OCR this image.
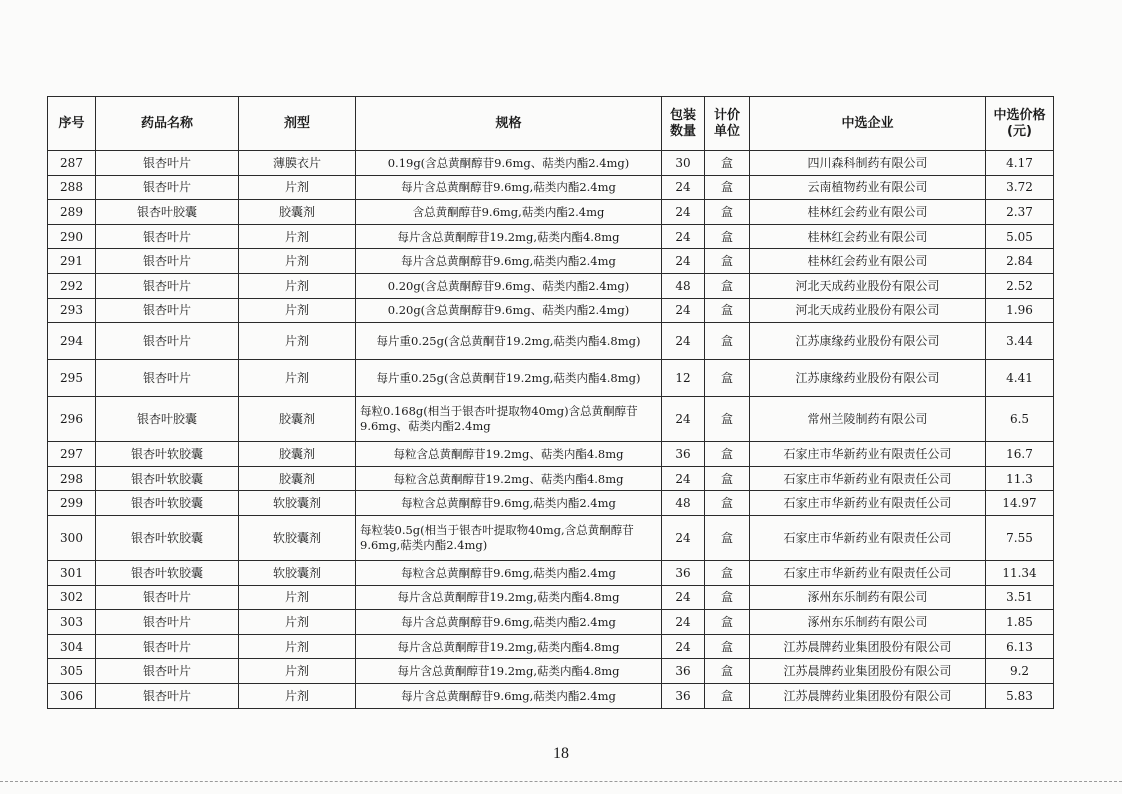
序号	药品名称	剂型	规格	包装数量	计价单位	中选企业	中选价格(元)
287	银杏叶片	薄膜衣片	0.19g(含总黄酮醇苷9.6mg、萜类内酯2.4mg)	30	盒	四川森科制药有限公司	4.17
288	银杏叶片	片剂	每片含总黄酮醇苷9.6mg,萜类内酯2.4mg	24	盒	云南植物药业有限公司	3.72
289	银杏叶胶囊	胶囊剂	含总黄酮醇苷9.6mg,萜类内酯2.4mg	24	盒	桂林红会药业有限公司	2.37
290	银杏叶片	片剂	每片含总黄酮醇苷19.2mg,萜类内酯4.8mg	24	盒	桂林红会药业有限公司	5.05
291	银杏叶片	片剂	每片含总黄酮醇苷9.6mg,萜类内酯2.4mg	24	盒	桂林红会药业有限公司	2.84
292	银杏叶片	片剂	0.20g(含总黄酮醇苷9.6mg、萜类内酯2.4mg)	48	盒	河北天成药业股份有限公司	2.52
293	银杏叶片	片剂	0.20g(含总黄酮醇苷9.6mg、萜类内酯2.4mg)	24	盒	河北天成药业股份有限公司	1.96
294	银杏叶片	片剂	每片重0.25g(含总黄酮苷19.2mg,萜类内酯4.8mg)	24	盒	江苏康缘药业股份有限公司	3.44
295	银杏叶片	片剂	每片重0.25g(含总黄酮苷19.2mg,萜类内酯4.8mg)	12	盒	江苏康缘药业股份有限公司	4.41
296	银杏叶胶囊	胶囊剂	每粒0.168g(相当于银杏叶提取物40mg)含总黄酮醇苷9.6mg、萜类内酯2.4mg	24	盒	常州兰陵制药有限公司	6.5
297	银杏叶软胶囊	胶囊剂	每粒含总黄酮醇苷19.2mg、萜类内酯4.8mg	36	盒	石家庄市华新药业有限责任公司	16.7
298	银杏叶软胶囊	胶囊剂	每粒含总黄酮醇苷19.2mg、萜类内酯4.8mg	24	盒	石家庄市华新药业有限责任公司	11.3
299	银杏叶软胶囊	软胶囊剂	每粒含总黄酮醇苷9.6mg,萜类内酯2.4mg	48	盒	石家庄市华新药业有限责任公司	14.97
300	银杏叶软胶囊	软胶囊剂	每粒装0.5g(相当于银杏叶提取物40mg,含总黄酮醇苷9.6mg,萜类内酯2.4mg)	24	盒	石家庄市华新药业有限责任公司	7.55
301	银杏叶软胶囊	软胶囊剂	每粒含总黄酮醇苷9.6mg,萜类内酯2.4mg	36	盒	石家庄市华新药业有限责任公司	11.34
302	银杏叶片	片剂	每片含总黄酮醇苷19.2mg,萜类内酯4.8mg	24	盒	涿州东乐制药有限公司	3.51
303	银杏叶片	片剂	每片含总黄酮醇苷9.6mg,萜类内酯2.4mg	24	盒	涿州东乐制药有限公司	1.85
304	银杏叶片	片剂	每片含总黄酮醇苷19.2mg,萜类内酯4.8mg	24	盒	江苏晨牌药业集团股份有限公司	6.13
305	银杏叶片	片剂	每片含总黄酮醇苷19.2mg,萜类内酯4.8mg	36	盒	江苏晨牌药业集团股份有限公司	9.2
306	银杏叶片	片剂	每片含总黄酮醇苷9.6mg,萜类内酯2.4mg	36	盒	江苏晨牌药业集团股份有限公司	5.83
18
